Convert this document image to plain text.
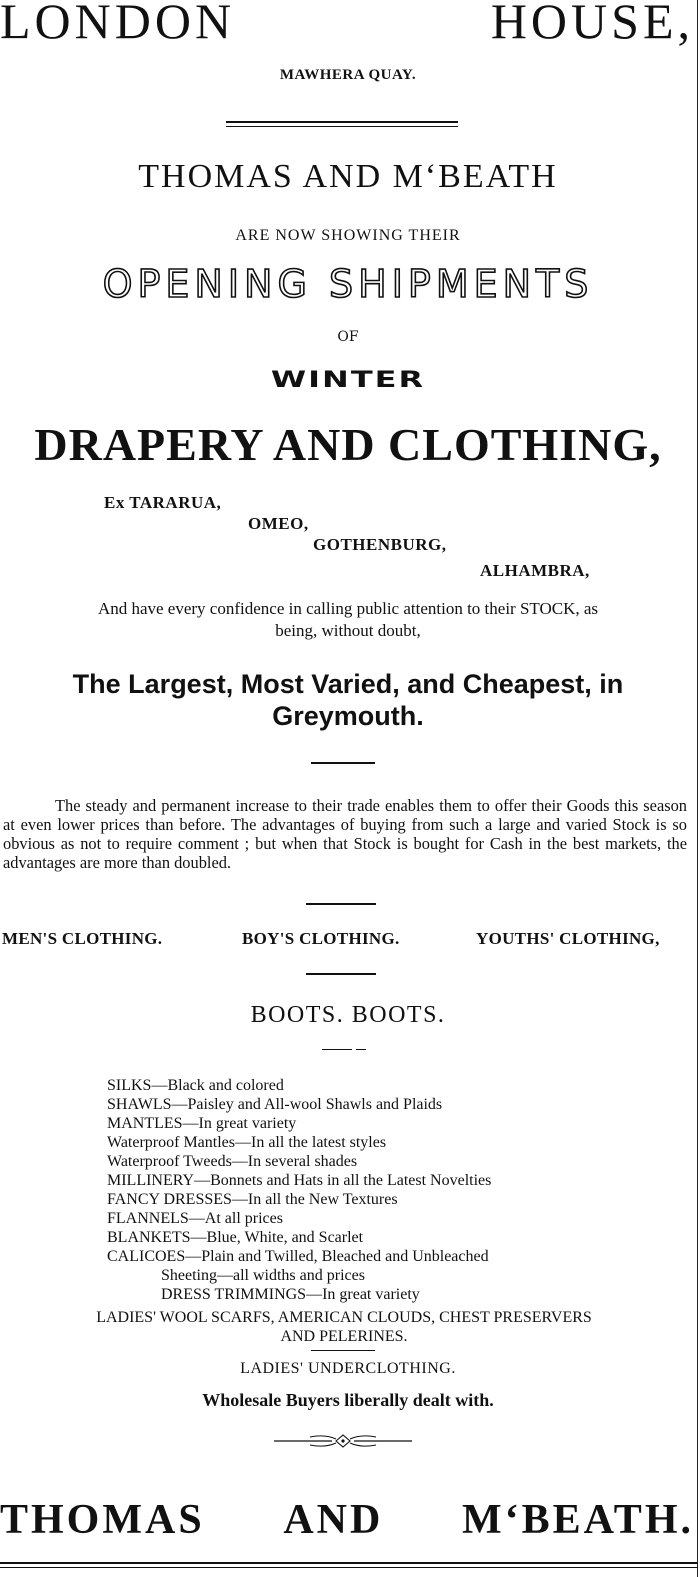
LONDON	HOUSE,
MAWHERA QUAY.
THOMAS AND M‘BEATH
ARE NOW SHOWING THEIR
OPENING SHIPMENTS
OF
WINTER
DRAPERY AND CLOTHING,
Ex TARARUA,
OMEO,
GOTHENBURG,
ALHAMBRA,
And have every confidence in calling public attention to their STOCK, as
being, without doubt,
The Largest, Most Varied, and Cheapest, in
Greymouth.
The steady and permanent increase to their trade enables them to offer their Goods this season at even lower prices than before. The advantages of buying from such a large and varied Stock is so obvious as not to require comment ; but when that Stock is bought for Cash in the best markets, the advantages are more than doubled.
MEN'S CLOTHING.	BOY'S CLOTHING.	YOUTHS' CLOTHING,
BOOTS. BOOTS.
SILKS—Black and colored
SHAWLS—Paisley and All-wool Shawls and Plaids
MANTLES—In great variety
Waterproof Mantles—In all the latest styles
Waterproof Tweeds—In several shades
MILLINERY—Bonnets and Hats in all the Latest Novelties
FANCY DRESSES—In all the New Textures
FLANNELS—At all prices
BLANKETS—Blue, White, and Scarlet
CALICOES—Plain and Twilled, Bleached and Unbleached
Sheeting—all widths and prices
DRESS TRIMMINGS—In great variety
LADIES' WOOL SCARFS, AMERICAN CLOUDS, CHEST PRESERVERS
AND PELERINES.
LADIES' UNDERCLOTHING.
Wholesale Buyers liberally dealt with.
THOMAS AND M‘BEATH.
